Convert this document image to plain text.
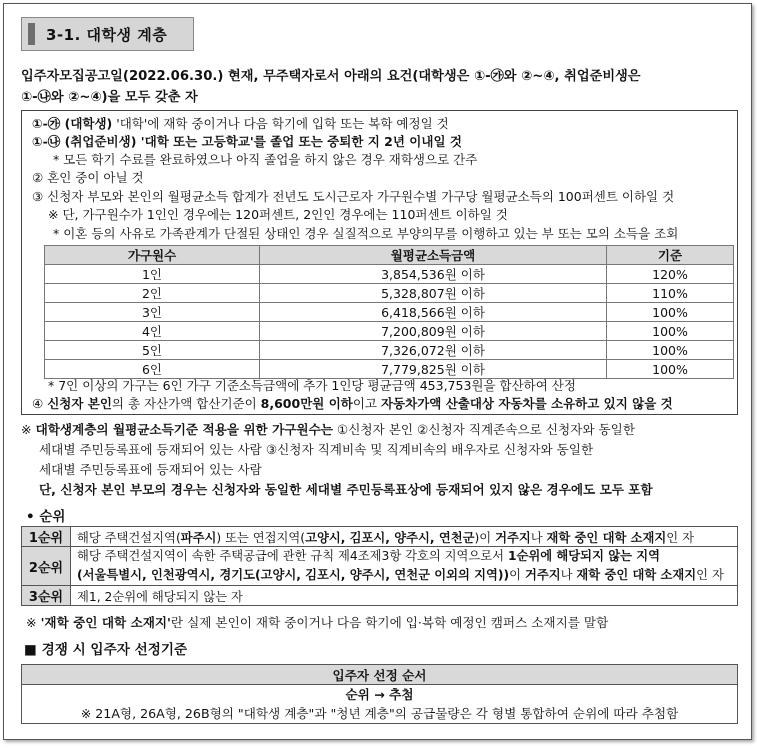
3-1. 대학생 계층
입주자모집공고일(2022.06.30.) 현재, 무주택자로서 아래의 요건(대학생은 ①-㉮와 ②~④, 취업준비생은
①-㉯와 ②~④)을 모두 갖춘 자
①-㉮ (대학생) '대학'에 재학 중이거나 다음 학기에 입학 또는 복학 예정일 것
①-㉯ (취업준비생) '대학 또는 고등학교'를 졸업 또는 중퇴한 지 2년 이내일 것
* 모든 학기 수료를 완료하였으나 아직 졸업을 하지 않은 경우 재학생으로 간주
② 혼인 중이 아닐 것
③ 신청자 부모와 본인의 월평균소득 합계가 전년도 도시근로자 가구원수별 가구당 월평균소득의 100퍼센트 이하일 것
※ 단, 가구원수가 1인인 경우에는 120퍼센트, 2인인 경우에는 110퍼센트 이하일 것
* 이혼 등의 사유로 가족관계가 단절된 상태인 경우 실질적으로 부양의무를 이행하고 있는 부 또는 모의 소득을 조회
가구원수	월평균소득금액	기준
1인	3,854,536원 이하	120%
2인	5,328,807원 이하	110%
3인	6,418,566원 이하	100%
4인	7,200,809원 이하	100%
5인	7,326,072원 이하	100%
6인	7,779,825원 이하	100%
* 7인 이상의 가구는 6인 가구 기준소득금액에 추가 1인당 평균금액 453,753원을 합산하여 산정
④ 신청자 본인의 총 자산가액 합산기준이 8,600만원 이하이고 자동차가액 산출대상 자동차를 소유하고 있지 않을 것
※ 대학생계층의 월평균소득기준 적용을 위한 가구원수는 ①신청자 본인 ②신청자 직계존속으로 신청자와 동일한
세대별 주민등록표에 등재되어 있는 사람 ③신청자 직계비속 및 직계비속의 배우자로 신청자와 동일한
세대별 주민등록표에 등재되어 있는 사람
단, 신청자 본인 부모의 경우는 신청자와 동일한 세대별 주민등록표상에 등재되어 있지 않은 경우에도 모두 포함
• 순위
1순위	해당 주택건설지역(파주시) 또는 연접지역(고양시, 김포시, 양주시, 연천군)이 거주지나 재학 중인 대학 소재지인 자
2순위	해당 주택건설지역이 속한 주택공급에 관한 규칙 제4조제3항 각호의 지역으로서 1순위에 해당되지 않는 지역
(서울특별시, 인천광역시, 경기도(고양시, 김포시, 양주시, 연천군 이외의 지역))이 거주지나 재학 중인 대학 소재지인 자

3순위	제1, 2순위에 해당되지 않는 자
※ '재학 중인 대학 소재지'란 실제 본인이 재학 중이거나 다음 학기에 입·복학 예정인 캠퍼스 소재지를 말함
■ 경쟁 시 입주자 선정기준
입주자 선정 순서

순위 → 추첨
※ 21A형, 26A형, 26B형의 "대학생 계층"과 "청년 계층"의 공급물량은 각 형별 통합하여 순위에 따라 추첨함
